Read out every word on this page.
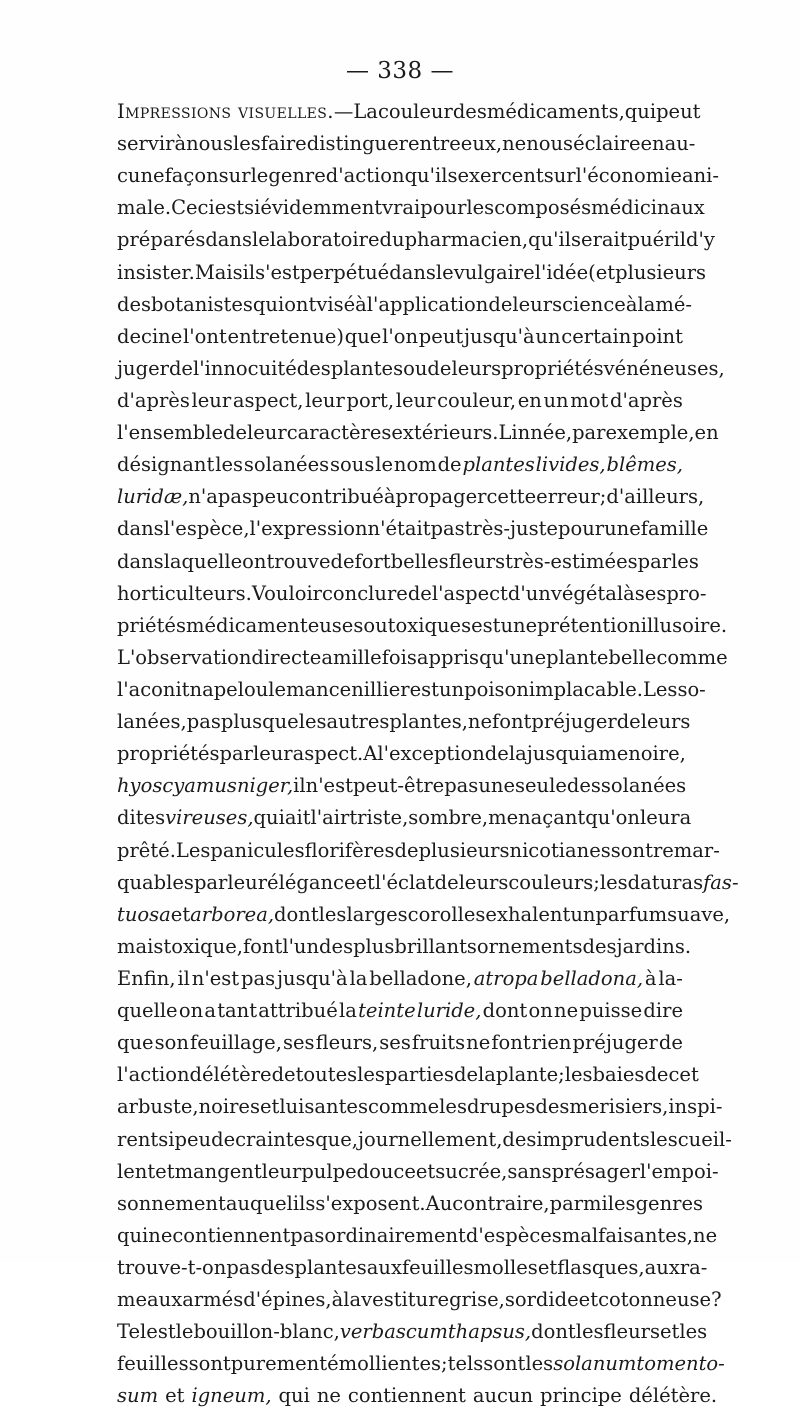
— 338 —
Impressions visuelles. —La couleur des médicaments, qui peut
servir à nous les faire distinguer entre eux, ne nous éclaire en au-
cune façon sur le genre d'action qu'ils exercent sur l'économie ani-
male. Ceci est si évidemment vrai pour les composés médicinaux
préparés dans le laboratoire du pharmacien, qu'il serait puéril d'y
insister. Mais il s'est perpétué dans le vulgaire l'idée (et plusieurs
des botanistes qui ont visé à l'application de leur science à la mé-
decine l'ont entretenue) que l'on peut jusqu'à un certain point
juger de l'innocuité des plantes ou de leurs propriétés vénéneuses,
d'après leur aspect, leur port, leur couleur, en un mot d'après
l'ensemble de leur caractères extérieurs. Linnée, par exemple, en
désignant les solanées sous le nom de plantes livides, blêmes,
luridæ, n'a pas peu contribué à propager cette erreur; d'ailleurs,
dans l'espèce, l'expression n'était pas très-juste pour une famille
dans laquelle on trouve de fort belles fleurs très-estimées par les
horticulteurs. Vouloir conclure de l'aspect d'un végétal à ses pro-
priétés médicamenteuses ou toxiques est une prétention illusoire.
L'observation directe a mille fois appris qu'une plante belle comme
l'aconit napel ou le mancenillier est un poison implacable. Les so-
lanées, pas plus que les autres plantes, ne font préjuger de leurs
propriétés par leur aspect. A l'exception de la jusquiame noire,
hyoscyamus niger, il n'est peut-être pas une seule des solanées
dites vireuses, qui ait l'air triste, sombre, menaçant qu'on leur a
prêté. Les panicules florifères de plusieurs nicotianes sont remar-
quables par leur élégance et l'éclat de leurs couleurs; les daturas fas-
tuosa et arborea, dont les larges corolles exhalent un parfum suave,
mais toxique, font l'un des plus brillants ornements des jardins.
Enfin, il n'est pas jusqu'à la belladone, atropa belladona, à la-
quelle on a tant attribué la teinte luride, dont on ne puisse dire
que son feuillage, ses fleurs, ses fruits ne font rien préjuger de
l'action délétère de toutes les parties de la plante; les baies de cet
arbuste, noires et luisantes comme les drupes des merisiers, inspi-
rent si peu de craintes que, journellement, des imprudents les cueil-
lent et mangent leur pulpe douce et sucrée, sans présager l'empoi-
sonnement auquel ils s'exposent. Au contraire, parmi les genres
qui ne contiennent pas ordinairement d'espèces malfaisantes, ne
trouve-t-on pas des plantes aux feuilles molles et flasques, aux ra-
meaux armés d'épines, à la vestiture grise, sordide et cotonneuse?
Tel est le bouillon-blanc, verbascum thapsus, dont les fleurs et les
feuilles sont purement émollientes; tels sont les solanum tomento-
sum et igneum, qui ne contiennent aucun principe délétère.
